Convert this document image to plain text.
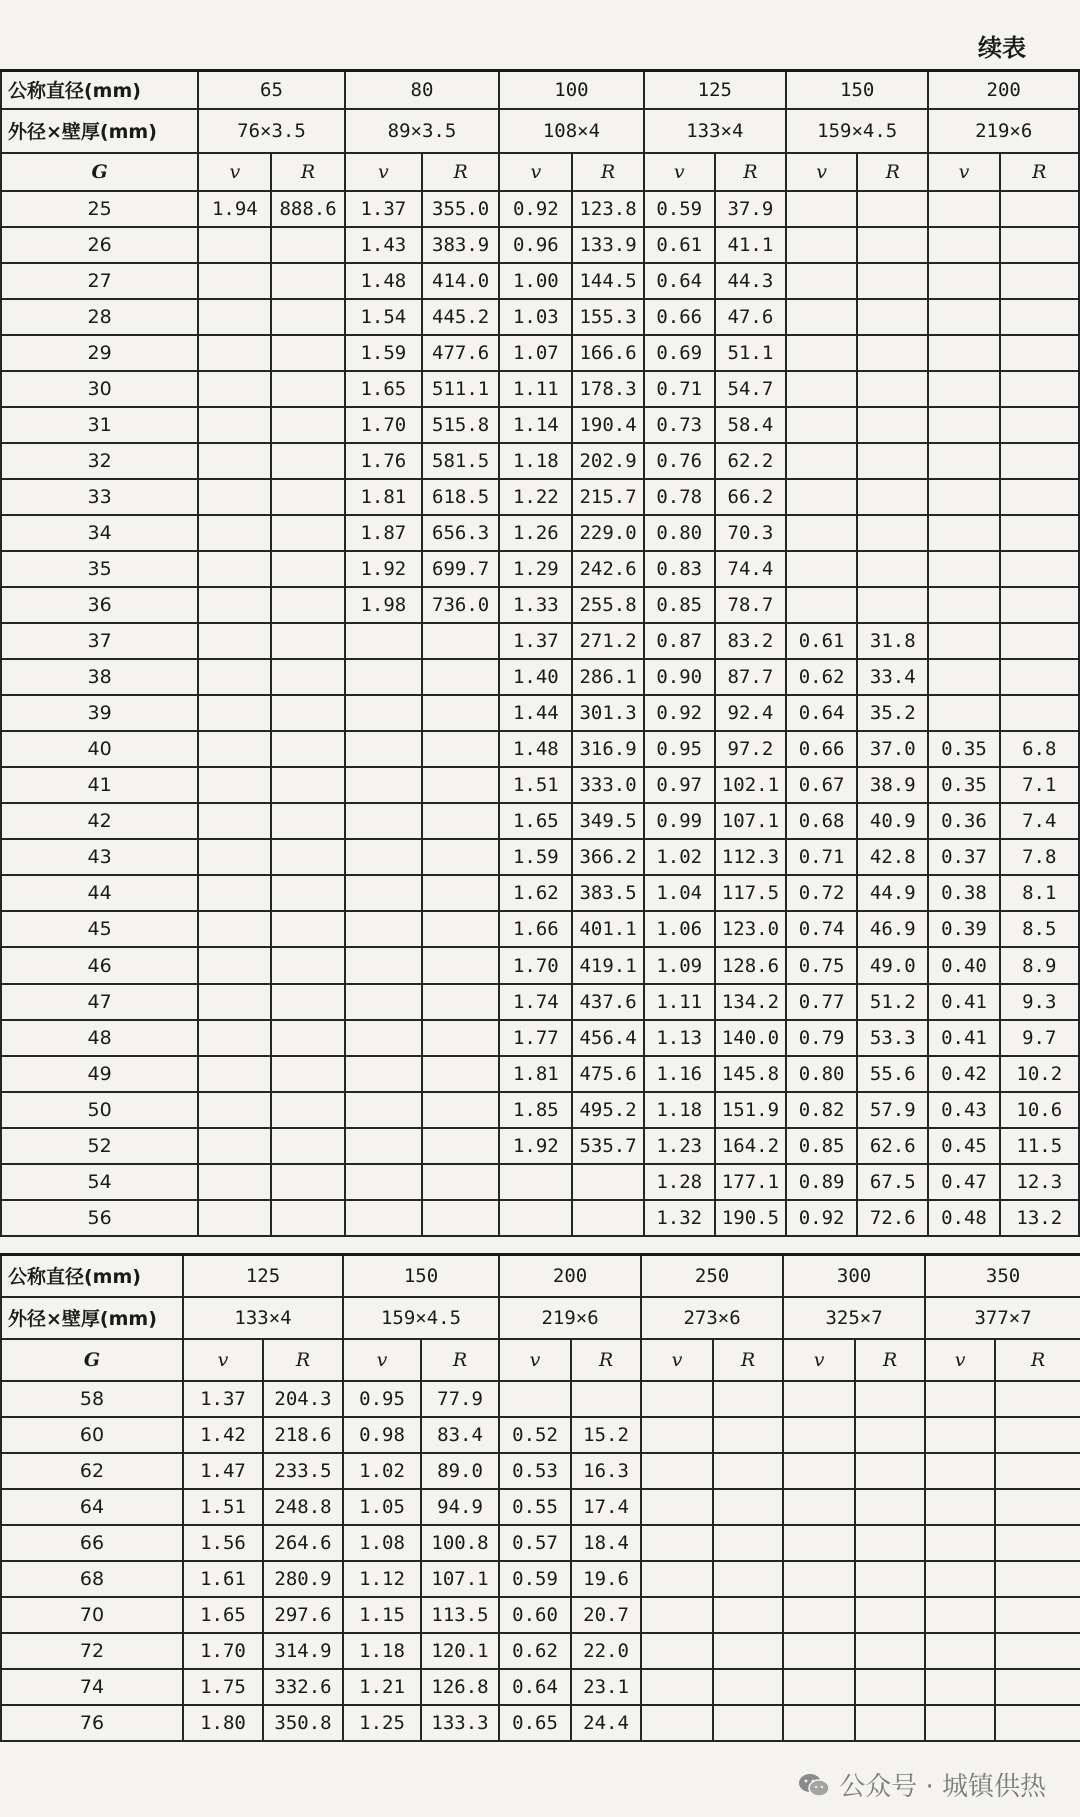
续表
公称直径(mm)	65		80		100		125		150		200	
外径×壁厚(mm)	76×3.5		89×3.5		108×4		133×4		159×4.5		219×6	
G	v	R	v	R	v	R	v	R	v	R	v	R
25	1.94	888.6	1.37	355.0	0.92	123.8	0.59	37.9				
26			1.43	383.9	0.96	133.9	0.61	41.1				
27			1.48	414.0	1.00	144.5	0.64	44.3				
28			1.54	445.2	1.03	155.3	0.66	47.6				
29			1.59	477.6	1.07	166.6	0.69	51.1				
30			1.65	511.1	1.11	178.3	0.71	54.7				
31			1.70	515.8	1.14	190.4	0.73	58.4				
32			1.76	581.5	1.18	202.9	0.76	62.2				
33			1.81	618.5	1.22	215.7	0.78	66.2				
34			1.87	656.3	1.26	229.0	0.80	70.3				
35			1.92	699.7	1.29	242.6	0.83	74.4				
36			1.98	736.0	1.33	255.8	0.85	78.7				
37					1.37	271.2	0.87	83.2	0.61	31.8		
38					1.40	286.1	0.90	87.7	0.62	33.4		
39					1.44	301.3	0.92	92.4	0.64	35.2		
40					1.48	316.9	0.95	97.2	0.66	37.0	0.35	6.8
41					1.51	333.0	0.97	102.1	0.67	38.9	0.35	7.1
42					1.65	349.5	0.99	107.1	0.68	40.9	0.36	7.4
43					1.59	366.2	1.02	112.3	0.71	42.8	0.37	7.8
44					1.62	383.5	1.04	117.5	0.72	44.9	0.38	8.1
45					1.66	401.1	1.06	123.0	0.74	46.9	0.39	8.5
46					1.70	419.1	1.09	128.6	0.75	49.0	0.40	8.9
47					1.74	437.6	1.11	134.2	0.77	51.2	0.41	9.3
48					1.77	456.4	1.13	140.0	0.79	53.3	0.41	9.7
49					1.81	475.6	1.16	145.8	0.80	55.6	0.42	10.2
50					1.85	495.2	1.18	151.9	0.82	57.9	0.43	10.6
52					1.92	535.7	1.23	164.2	0.85	62.6	0.45	11.5
54							1.28	177.1	0.89	67.5	0.47	12.3
56							1.32	190.5	0.92	72.6	0.48	13.2
公称直径(mm)	125		150		200		250		300		350	
外径×壁厚(mm)	133×4		159×4.5		219×6		273×6		325×7		377×7	
G	v	R	v	R	v	R	v	R	v	R	v	R
58	1.37	204.3	0.95	77.9								
60	1.42	218.6	0.98	83.4	0.52	15.2						
62	1.47	233.5	1.02	89.0	0.53	16.3						
64	1.51	248.8	1.05	94.9	0.55	17.4						
66	1.56	264.6	1.08	100.8	0.57	18.4						
68	1.61	280.9	1.12	107.1	0.59	19.6						
70	1.65	297.6	1.15	113.5	0.60	20.7						
72	1.70	314.9	1.18	120.1	0.62	22.0						
74	1.75	332.6	1.21	126.8	0.64	23.1						
76	1.80	350.8	1.25	133.3	0.65	24.4						
公众号 · 城镇供热
